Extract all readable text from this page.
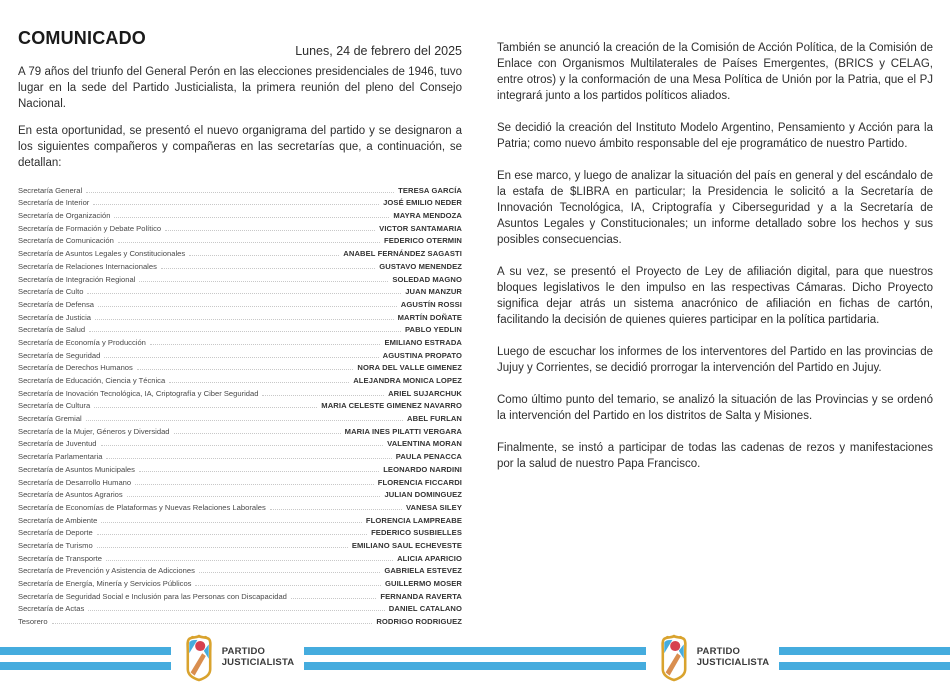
COMUNICADO
Lunes, 24 de febrero del 2025

A 79 años del triunfo del General Perón en las elecciones presidenciales de 1946, tuvo lugar en la sede del Partido Justicialista, la primera reunión del pleno del Consejo Nacional.

En esta oportunidad, se presentó el nuevo organigrama del partido y se designaron a los siguientes compañeros y compañeras en las secretarías que, a continuación, se detallan:

Secretaría General	TERESA GARCÍA
Secretaría de Interior	JOSÉ EMILIO NEDER
Secretaría de Organización	MAYRA MENDOZA
Secretaría de Formación y Debate Político	VICTOR SANTAMARIA
Secretaría de Comunicación	FEDERICO OTERMIN
Secretaría de Asuntos Legales y Constitucionales	ANABEL FERNÁNDEZ SAGASTI
Secretaría de Relaciones Internacionales	GUSTAVO MENENDEZ
Secretaría de Integración Regional	SOLEDAD MAGNO
Secretaría de Culto	JUAN MANZUR
Secretaría de Defensa	AGUSTÍN ROSSI
Secretaría de Justicia	MARTÍN DOÑATE
Secretaría de Salud	PABLO YEDLIN
Secretaría de Economía y Producción	EMILIANO ESTRADA
Secretaría de Seguridad	AGUSTINA PROPATO
Secretaría de Derechos Humanos	NORA DEL VALLE GIMENEZ
Secretaría de Educación, Ciencia y Técnica	ALEJANDRA MONICA LOPEZ
Secretaría de Inovación Tecnológica, IA, Criptografía y Ciber Seguridad	ARIEL SUJARCHUK
Secretaría de Cultura	MARIA CELESTE GIMENEZ NAVARRO
Secretaría Gremial	ABEL FURLAN
Secretaría de la Mujer, Géneros y Diversidad	MARIA INES PILATTI VERGARA
Secretaría de Juventud	VALENTINA MORAN
Secretaría Parlamentaria	PAULA PENACCA
Secretaría de Asuntos Municipales	LEONARDO NARDINI
Secretaría de Desarrollo Humano	FLORENCIA FICCARDI
Secretaría de Asuntos Agrarios	JULIAN DOMINGUEZ
Secretaría de Economías de Plataformas y Nuevas Relaciones Laborales	VANESA SILEY
Secretaría de Ambiente	FLORENCIA LAMPREABE
Secretaría de Deporte	FEDERICO SUSBIELLES
Secretaría de Turismo	EMILIANO SAUL ECHEVESTE
Secretaría de Transporte	ALICIA APARICIO
Secretaría de Prevención y Asistencia de Adicciones	GABRIELA ESTEVEZ
Secretaría de Energía, Minería y Servicios Públicos	GUILLERMO MOSER
Secretaría de Seguridad Social e Inclusión para las Personas con Discapacidad	FERNANDA RAVERTA
Secretaría de Actas	DANIEL CATALANO
Tesorero	RODRIGO RODRIGUEZ

También se anunció la creación de la Comisión de Acción Política, de la Comisión de Enlace con Organismos Multilaterales de Países Emergentes, (BRICS y CELAG, entre otros) y la conformación de una Mesa Política de Unión por la Patria, que el PJ integrará junto a los partidos políticos aliados.

Se decidió la creación del Instituto Modelo Argentino, Pensamiento y Acción para la Patria; como nuevo ámbito responsable del eje programático de nuestro Partido.

En ese marco, y luego de analizar la situación del país en general y del escándalo de la estafa de $LIBRA en particular; la Presidencia le solicitó a la Secretaría de Innovación Tecnológica, IA, Criptografía y Ciberseguridad y a la Secretaría de Asuntos Legales y Constitucionales; un informe detallado sobre los hechos y sus posibles consecuencias.

A su vez, se presentó el Proyecto de Ley de afiliación digital, para que nuestros bloques legislativos le den impulso en las respectivas Cámaras. Dicho Proyecto significa dejar atrás un sistema anacrónico de afiliación en fichas de cartón, facilitando la decisión de quienes quieres participar en la política partidaria.

Luego de escuchar los informes de los interventores del Partido en las provincias de Jujuy y Corrientes, se decidió prorrogar la intervención del Partido en Jujuy.

Como último punto del temario, se analizó la situación de las Provincias y se ordenó la intervención del Partido en los distritos de Salta y Misiones.

Finalmente, se instó a participar de todas las cadenas de rezos y manifestaciones por la salud de nuestro Papa Francisco.

PARTIDO
JUSTICIALISTA
PARTIDO
JUSTICIALISTA
